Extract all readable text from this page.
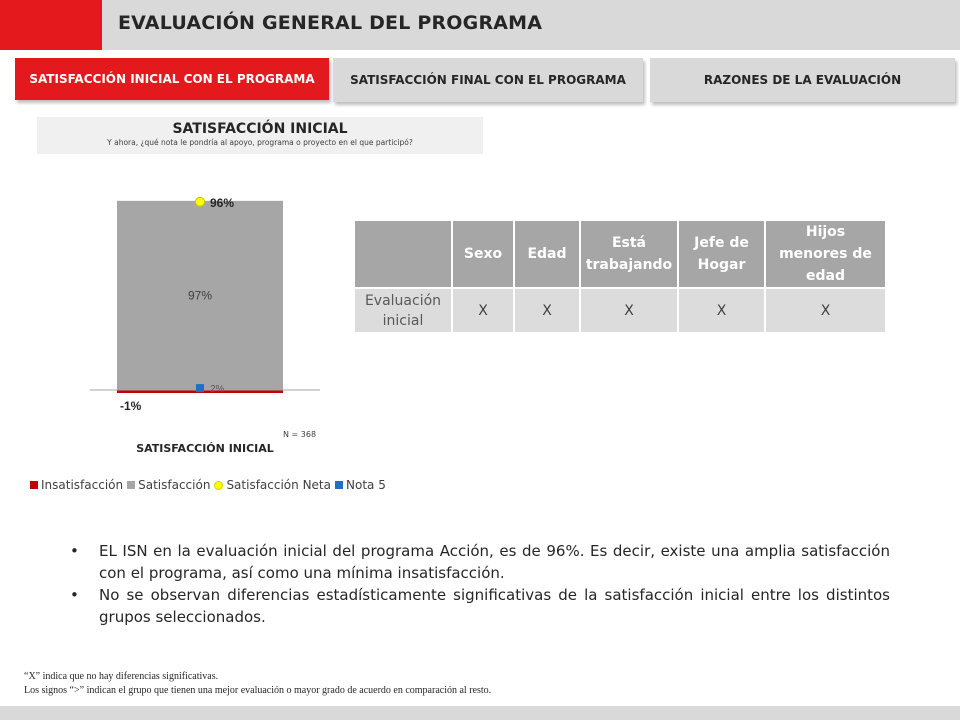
EVALUACIÓN GENERAL DEL PROGRAMA
SATISFACCIÓN INICIAL CON EL PROGRAMA	SATISFACCIÓN FINAL CON EL PROGRAMA	RAZONES DE LA EVALUACIÓN
SATISFACCIÓN INICIAL
Y ahora, ¿qué nota le pondría al apoyo, programa o proyecto en el que participó?
97%
-1%
96%
2%
SATISFACCIÓN INICIAL
N = 368
Insatisfacción Satisfacción Satisfacción Neta Nota 5
	Sexo	Edad	Está trabajando	Jefe de Hogar	Hijos menores de edad
Evaluación inicial	X	X	X	X	X
• EL ISN en la evaluación inicial del programa Acción, es de 96%. Es decir, existe una amplia satisfacción con el programa, así como una mínima insatisfacción.
• No se observan diferencias estadísticamente significativas de la satisfacción inicial entre los distintos grupos seleccionados.
“X” indica que no hay diferencias significativas.
Los signos “>” indican el grupo que tienen una mejor evaluación o mayor grado de acuerdo en comparación al resto.
